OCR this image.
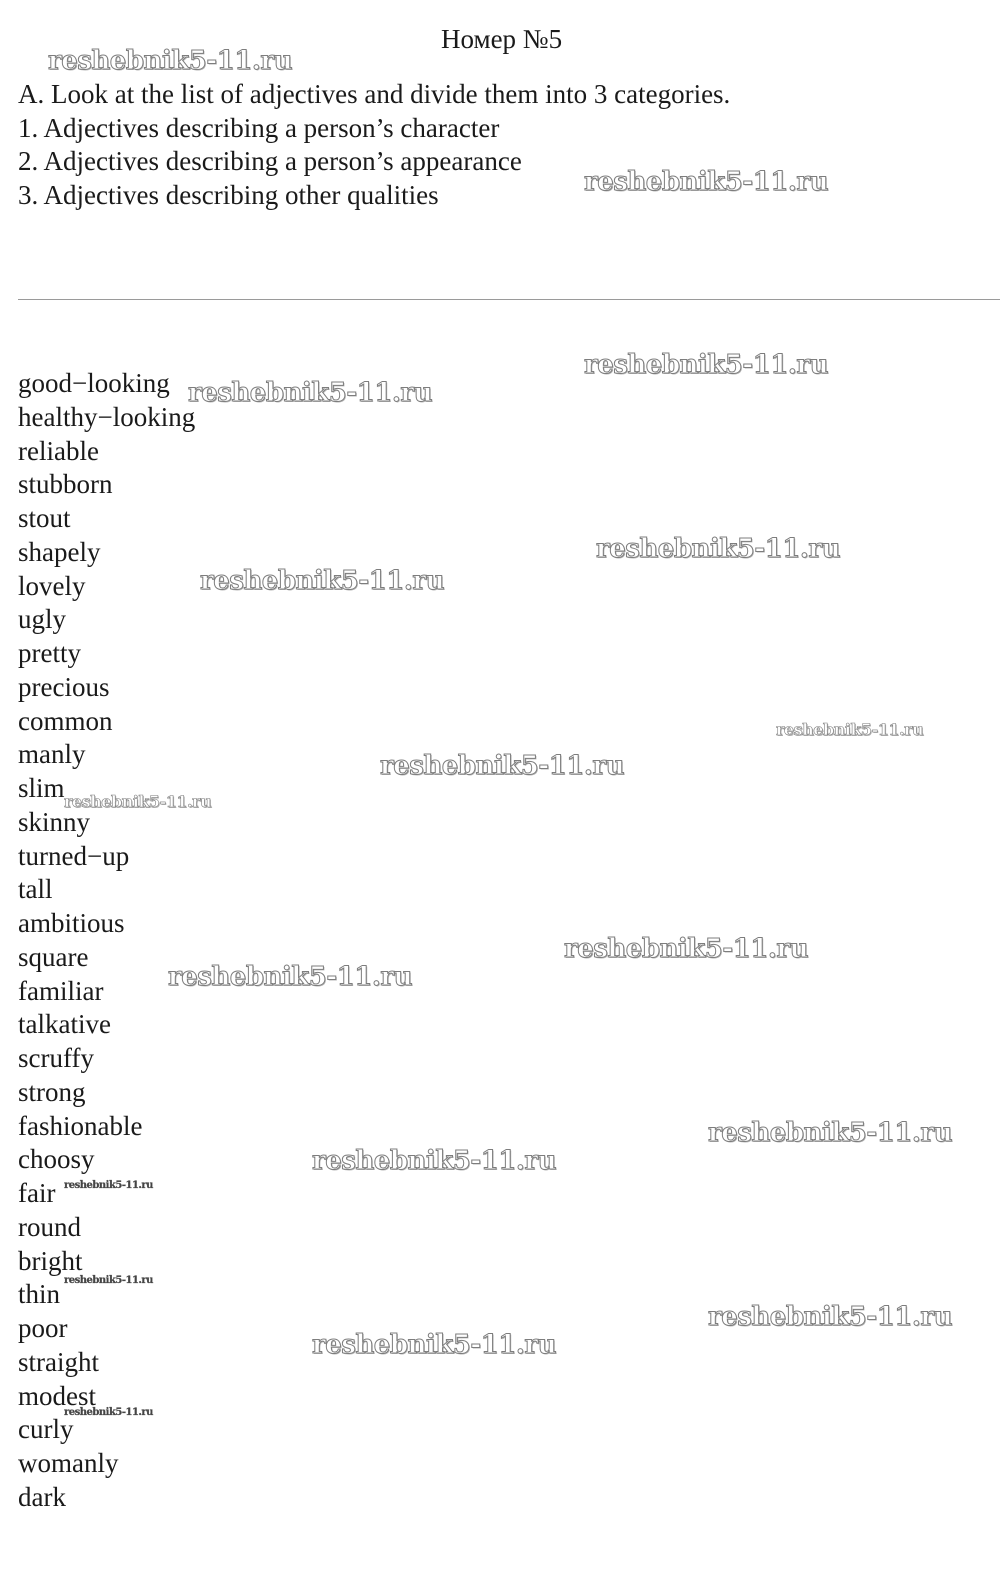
Номер №5
A. Look at the list of adjectives and divide them into 3 categories.
1. Adjectives describing a person’s character
2. Adjectives describing a person’s appearance
3. Adjectives describing other qualities
good−looking
healthy−looking
reliable
stubborn
stout
shapely
lovely
ugly
pretty
precious
common
manly
slim
skinny
turned−up
tall
ambitious
square
familiar
talkative
scruffy
strong
fashionable
choosy
fair
round
bright
thin
poor
straight
modest
curly
womanly
dark
reshebnik5-11.ru
reshebnik5-11.ru
reshebnik5-11.ru
reshebnik5-11.ru
reshebnik5-11.ru
reshebnik5-11.ru
reshebnik5-11.ru
reshebnik5-11.ru
reshebnik5-11.ru
reshebnik5-11.ru
reshebnik5-11.ru
reshebnik5-11.ru
reshebnik5-11.ru
reshebnik5-11.ru
reshebnik5-11.ru
reshebnik5-11.ru
reshebnik5-11.ru
reshebnik5-11.ru
